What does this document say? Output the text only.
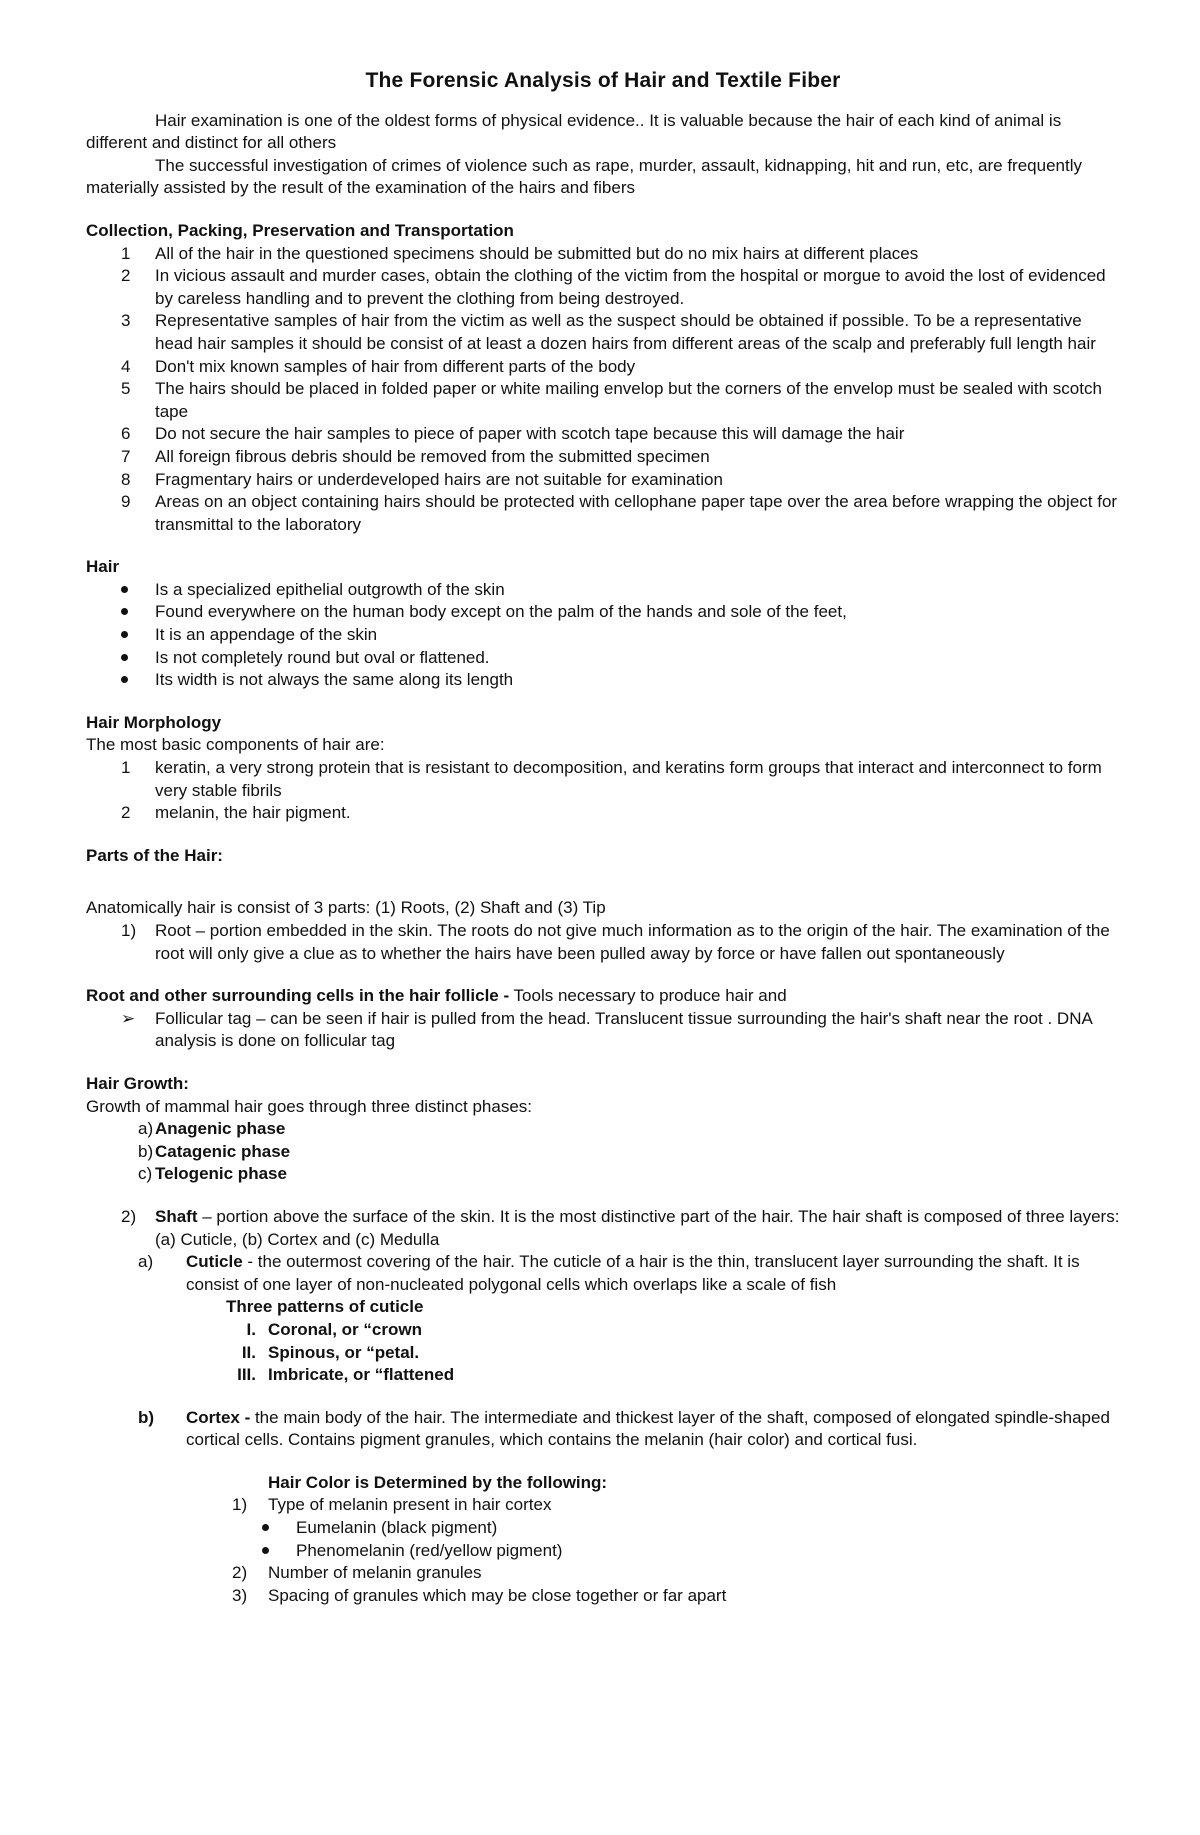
The Forensic Analysis of Hair and Textile Fiber

Hair examination is one of the oldest forms of physical evidence.. It is valuable because the hair of each kind of animal is different and distinct for all others

The successful investigation of crimes of violence such as rape, murder, assault, kidnapping, hit and run, etc, are frequently materially assisted by the result of the examination of the hairs and fibers

Collection, Packing, Preservation and Transportation

1	All of the hair in the questioned specimens should be submitted but do no mix hairs at different places
2	In vicious assault and murder cases, obtain the clothing of the victim from the hospital or morgue to avoid the lost of evidenced by careless handling and to prevent the clothing from being destroyed.
3	Representative samples of hair from the victim as well as the suspect should be obtained if possible. To be a representative head hair samples it should be consist of at least a dozen hairs from different areas of the scalp and preferably full length hair
4	Don't mix known samples of hair from different parts of the body
5	The hairs should be placed in folded paper or white mailing envelop but the corners of the envelop must be sealed with scotch tape
6	Do not secure the hair samples to piece of paper with scotch tape because this will damage the hair
7	All foreign fibrous debris should be removed from the submitted specimen
8	Fragmentary hairs or underdeveloped hairs are not suitable for examination
9	Areas on an object containing hairs should be protected with cellophane paper tape over the area before wrapping the object for transmittal to the laboratory

Hair

Is a specialized epithelial outgrowth of the skin
Found everywhere on the human body except on the palm of the hands and sole of the feet,
It is an appendage of the skin
Is not completely round but oval or flattened.
Its width is not always the same along its length

Hair Morphology

The most basic components of hair are:

1	keratin, a very strong protein that is resistant to decomposition, and keratins form groups that interact and interconnect to form very stable fibrils
2	melanin, the hair pigment.

Parts of the Hair:

Anatomically hair is consist of 3 parts: (1) Roots, (2) Shaft and (3) Tip

1)	Root – portion embedded in the skin. The roots do not give much information as to the origin of the hair. The examination of the root will only give a clue as to whether the hairs have been pulled away by force or have fallen out spontaneously

Root and other surrounding cells in the hair follicle - Tools necessary to produce hair and

➢	Follicular tag – can be seen if hair is pulled from the head. Translucent tissue surrounding the hair's shaft near the root . DNA analysis is done on follicular tag

Hair Growth:

Growth of mammal hair goes through three distinct phases:

a) Anagenic phase
b) Catagenic phase
c) Telogenic phase
2)	Shaft – portion above the surface of the skin. It is the most distinctive part of the hair. The hair shaft is composed of three layers: (a) Cuticle, (b) Cortex and (c) Medulla
a)	Cuticle - the outermost covering of the hair. The cuticle of a hair is the thin, translucent layer surrounding the shaft. It is consist of one layer of non-nucleated polygonal cells which overlaps like a scale of fish

Three patterns of cuticle

I. Coronal, or “crown
II. Spinous, or “petal.
III. Imbricate, or “flattened
b)	Cortex - the main body of the hair. The intermediate and thickest layer of the shaft, composed of elongated spindle-shaped cortical cells. Contains pigment granules, which contains the melanin (hair color) and cortical fusi.

Hair Color is Determined by the following:

1)	Type of melanin present in hair cortex
Eumelanin (black pigment)
Phenomelanin (red/yellow pigment)
2)	Number of melanin granules
3)	Spacing of granules which may be close together or far apart
